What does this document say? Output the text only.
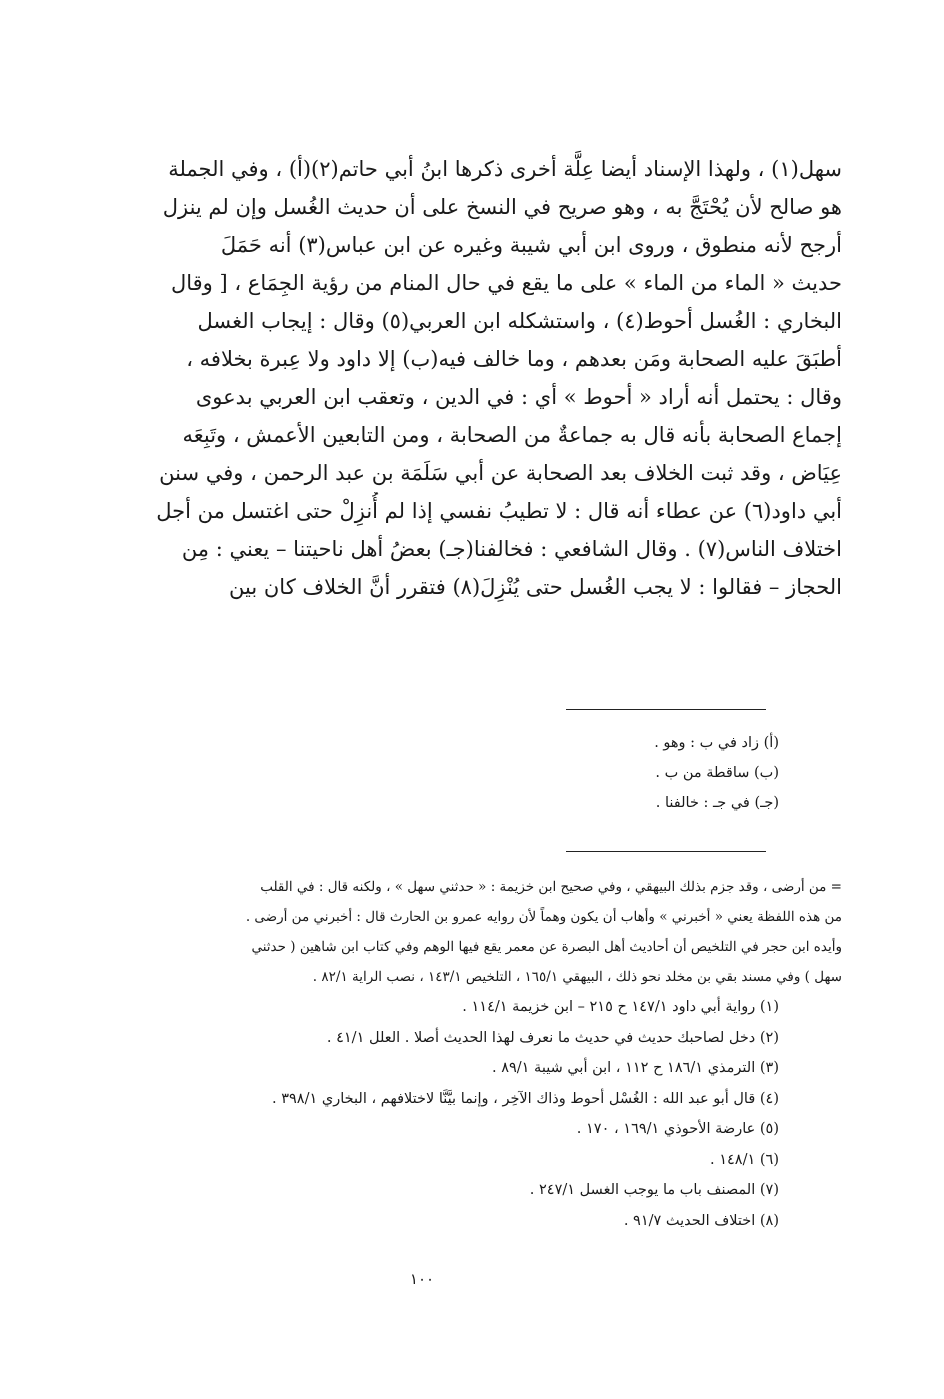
سهل(١) ، ولهذا الإسناد أيضا عِلَّة أخرى ذكرها ابنُ أبي حاتم(٢)(أ) ، وفي الجملة
هو صالح لأن يُحْتَجَّ به ، وهو صريح في النسخ على أن حديث الغُسل وإن لم ينزل
أرجح لأنه منطوق ، وروى ابن أبي شيبة وغيره عن ابن عباس(٣) أنه حَمَلَ
حديث « الماء من الماء » على ما يقع في حال المنام من رؤية الجِمَاع ، [ وقال
البخاري : الغُسل أحوط(٤) ، واستشكله ابن العربي(٥) وقال : إيجاب الغسل
أطبَقَ عليه الصحابة ومَن بعدهم ، وما خالف فيه(ب) إلا داود ولا عِبرة بخلافه ،
وقال : يحتمل أنه أراد « أحوط » أي : في الدين ، وتعقب ابن العربي بدعوى
إجماع الصحابة بأنه قال به جماعةٌ من الصحابة ، ومن التابعين الأعمش ، وتَبِعَه
عِيَاض ، وقد ثبت الخلاف بعد الصحابة عن أبي سَلَمَة بن عبد الرحمن ، وفي سنن
أبي داود(٦) عن عطاء أنه قال : لا تطيبُ نفسي إذا لم أُنزِلْ حتى اغتسل من أجل
اختلاف الناس(٧) . وقال الشافعي : فخالفنا(جـ) بعضُ أهل ناحيتنا – يعني : مِن
الحجاز – فقالوا : لا يجب الغُسل حتى يُنْزِلَ(٨) فتقرر أنَّ الخلاف كان بين
(أ) زاد في ب : وهو .
(ب) ساقطة من ب .
(جـ) في جـ : خالفنا .
= من أرضى ، وقد جزم بذلك البيهقي ، وفي صحيح ابن خزيمة : « حدثني سهل » ، ولكنه قال : في القلب
من هذه اللفظة يعني « أخبرني » وأهاب أن يكون وهماً لأن روايه عمرو بن الحارث قال : أخبرني من أرضى .
وأيده ابن حجر في التلخيص أن أحاديث أهل البصرة عن معمر يقع فيها الوهم وفي كتاب ابن شاهين ( حدثني
سهل ) وفي مسند بقي بن مخلد نحو ذلك ، البيهقي ١٦٥/١ ، التلخيص ١٤٣/١ ، نصب الراية ٨٢/١ .
(١) رواية أبي داود ١٤٧/١ ح ٢١٥ – ابن خزيمة ١١٤/١ .
(٢) دخل لصاحبك حديث في حديث ما نعرف لهذا الحديث أصلا . العلل ٤١/١ .
(٣) الترمذي ١٨٦/١ ح ١١٢ ، ابن أبي شيبة ٨٩/١ .
(٤) قال أبو عبد الله : الغُسْل أحوط وذاك الآخِر ، وإنما بيَّنَّا لاختلافهم ، البخاري ٣٩٨/١ .
(٥) عارضة الأحوذي ١٦٩/١ ، ١٧٠ .
(٦) ١٤٨/١ .
(٧) المصنف باب ما يوجب الغسل ٢٤٧/١ .
(٨) اختلاف الحديث ٩١/٧ .
١٠٠
